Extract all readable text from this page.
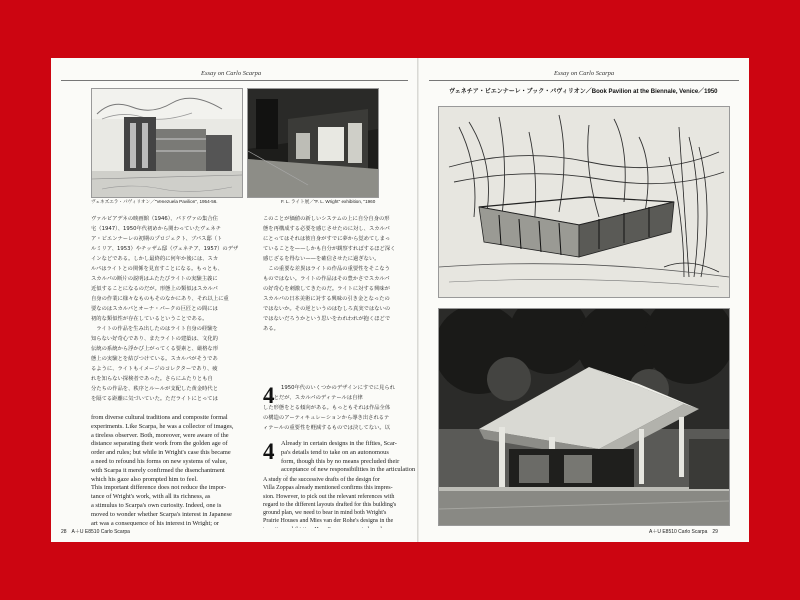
Essay on Carlo Scarpa
ヴェネズエラ・パヴィリオン／"Venezuela Pavilion", 1954-56.	F. L. ライト展／"F. L. Wright" exhibition, "1960

ヴァルピアデネの映画館（1946）、パドヴァの集合住
宅（1947）、1950年代初めから関わっていたヴェネチ
ア・ビエンナーレの初期のプロジェクト、ブパス邸（ト
ルミリア、1953）やチッザム邸（ヴェネチア、1957）のデザ
インなどである。しかし最終的に何年か後には、スカ
ルパはライトとの関係を見直すことになる。もっとも、
スカルパの断片の説明はふたたびライトの実験主義に
近似することになるのだが。形態上の類似はスカルパ
自身の作業に様々なものもそのなかにあり、それ以上に重
要なのはスカルパとオーナ・パークの巨匠との間には
初的な類似性が存在しているということである。
　ライトの作品を生み出したのはライト自身の経験を
知らない好奇心であり、またライトの建築は、文化的
伝統の系統から浮かび上がってくる要素と、厳格な形
態上の実験とを結びつけている。スカルパがそうであ
るように、ライトもイメージのコレクターであり、疲
れを知らない探検者であった。さらにふたりとも自
分たちの作品を、秩序とルールが支配した黄金時代と
を隔てる距離に気づいていた。ただライトにとっては

from diverse cultural traditions and composite formal
experiments. Like Scarpa, he was a collector of images,
a tireless observer. Both, moreover, were aware of the
distance separating their work from the golden age of
order and rules; but while in Wright's case this became
a need to refound his forms on new systems of value,
with Scarpa it merely confirmed the disenchantment
which his gaze also prompted him to feel.
This important difference does not reduce the impor-
tance of Wright's work, with all its richness, as
a stimulus to Scarpa's own curiosity. Indeed, one is
moved to wonder whether Scarpa's interest in Japanese
art was a consequence of his interest in Wright; or

このことが価値の新しいシステムの上に自分自身の形
態を再構成する必要を感じさせたのに対し、スカルパ
にとってはそれは彼自身がすでに夢から覚めてしまっ
ていることを——しかも自分が観察すればするほど深く
感じざるを得ない——を確信させたに過ぎない。
　この重要な差異はライトの作品の重要性をそこなう
ものではない。ライトの作品はその豊かさでスカルパ
の好奇心を刺激してきたのだ。ライトに対する興味が
スカルパの日本美術に対する興味の引き金となったの
ではないか。その逆というのはむしろ真実ではないの
ではないだろうかという思いをわれわれが抱くほどで
ある。

4	1950年代のいくつかのデザインにすでに見られ
ることだが、スカルパのディテールは自律
した形態をとる傾向がある。もっともそれは作品全体
の構造のアーティキュレーションから導き出されるテ
ィテールの重要性を軽減するものでは決してない。以

4 Already in certain designs in the fifties, Scar-
pa's details tend to take on an autonomous
form, though this by no means precluded their
acceptance of new responsibilities in the articulation

A study of the successive drafts of the design for
Villa Zoppas already mentioned confirms this impres-
sion. However, to pick out the relevant references with
regard to the different layouts drafted for this building's
ground plan, we need to bear in mind both Wright's
Prairie Houses and Mies van der Rohe's designs in the

28　A＋U E8510 Carlo Scarpa
Essay on Carlo Scarpa
ヴェネチア・ビエンナーレ・ブック・パヴィリオン／Book Pavilion at the Biennale, Venice／1950
A＋U E8510 Carlo Scarpa　29
